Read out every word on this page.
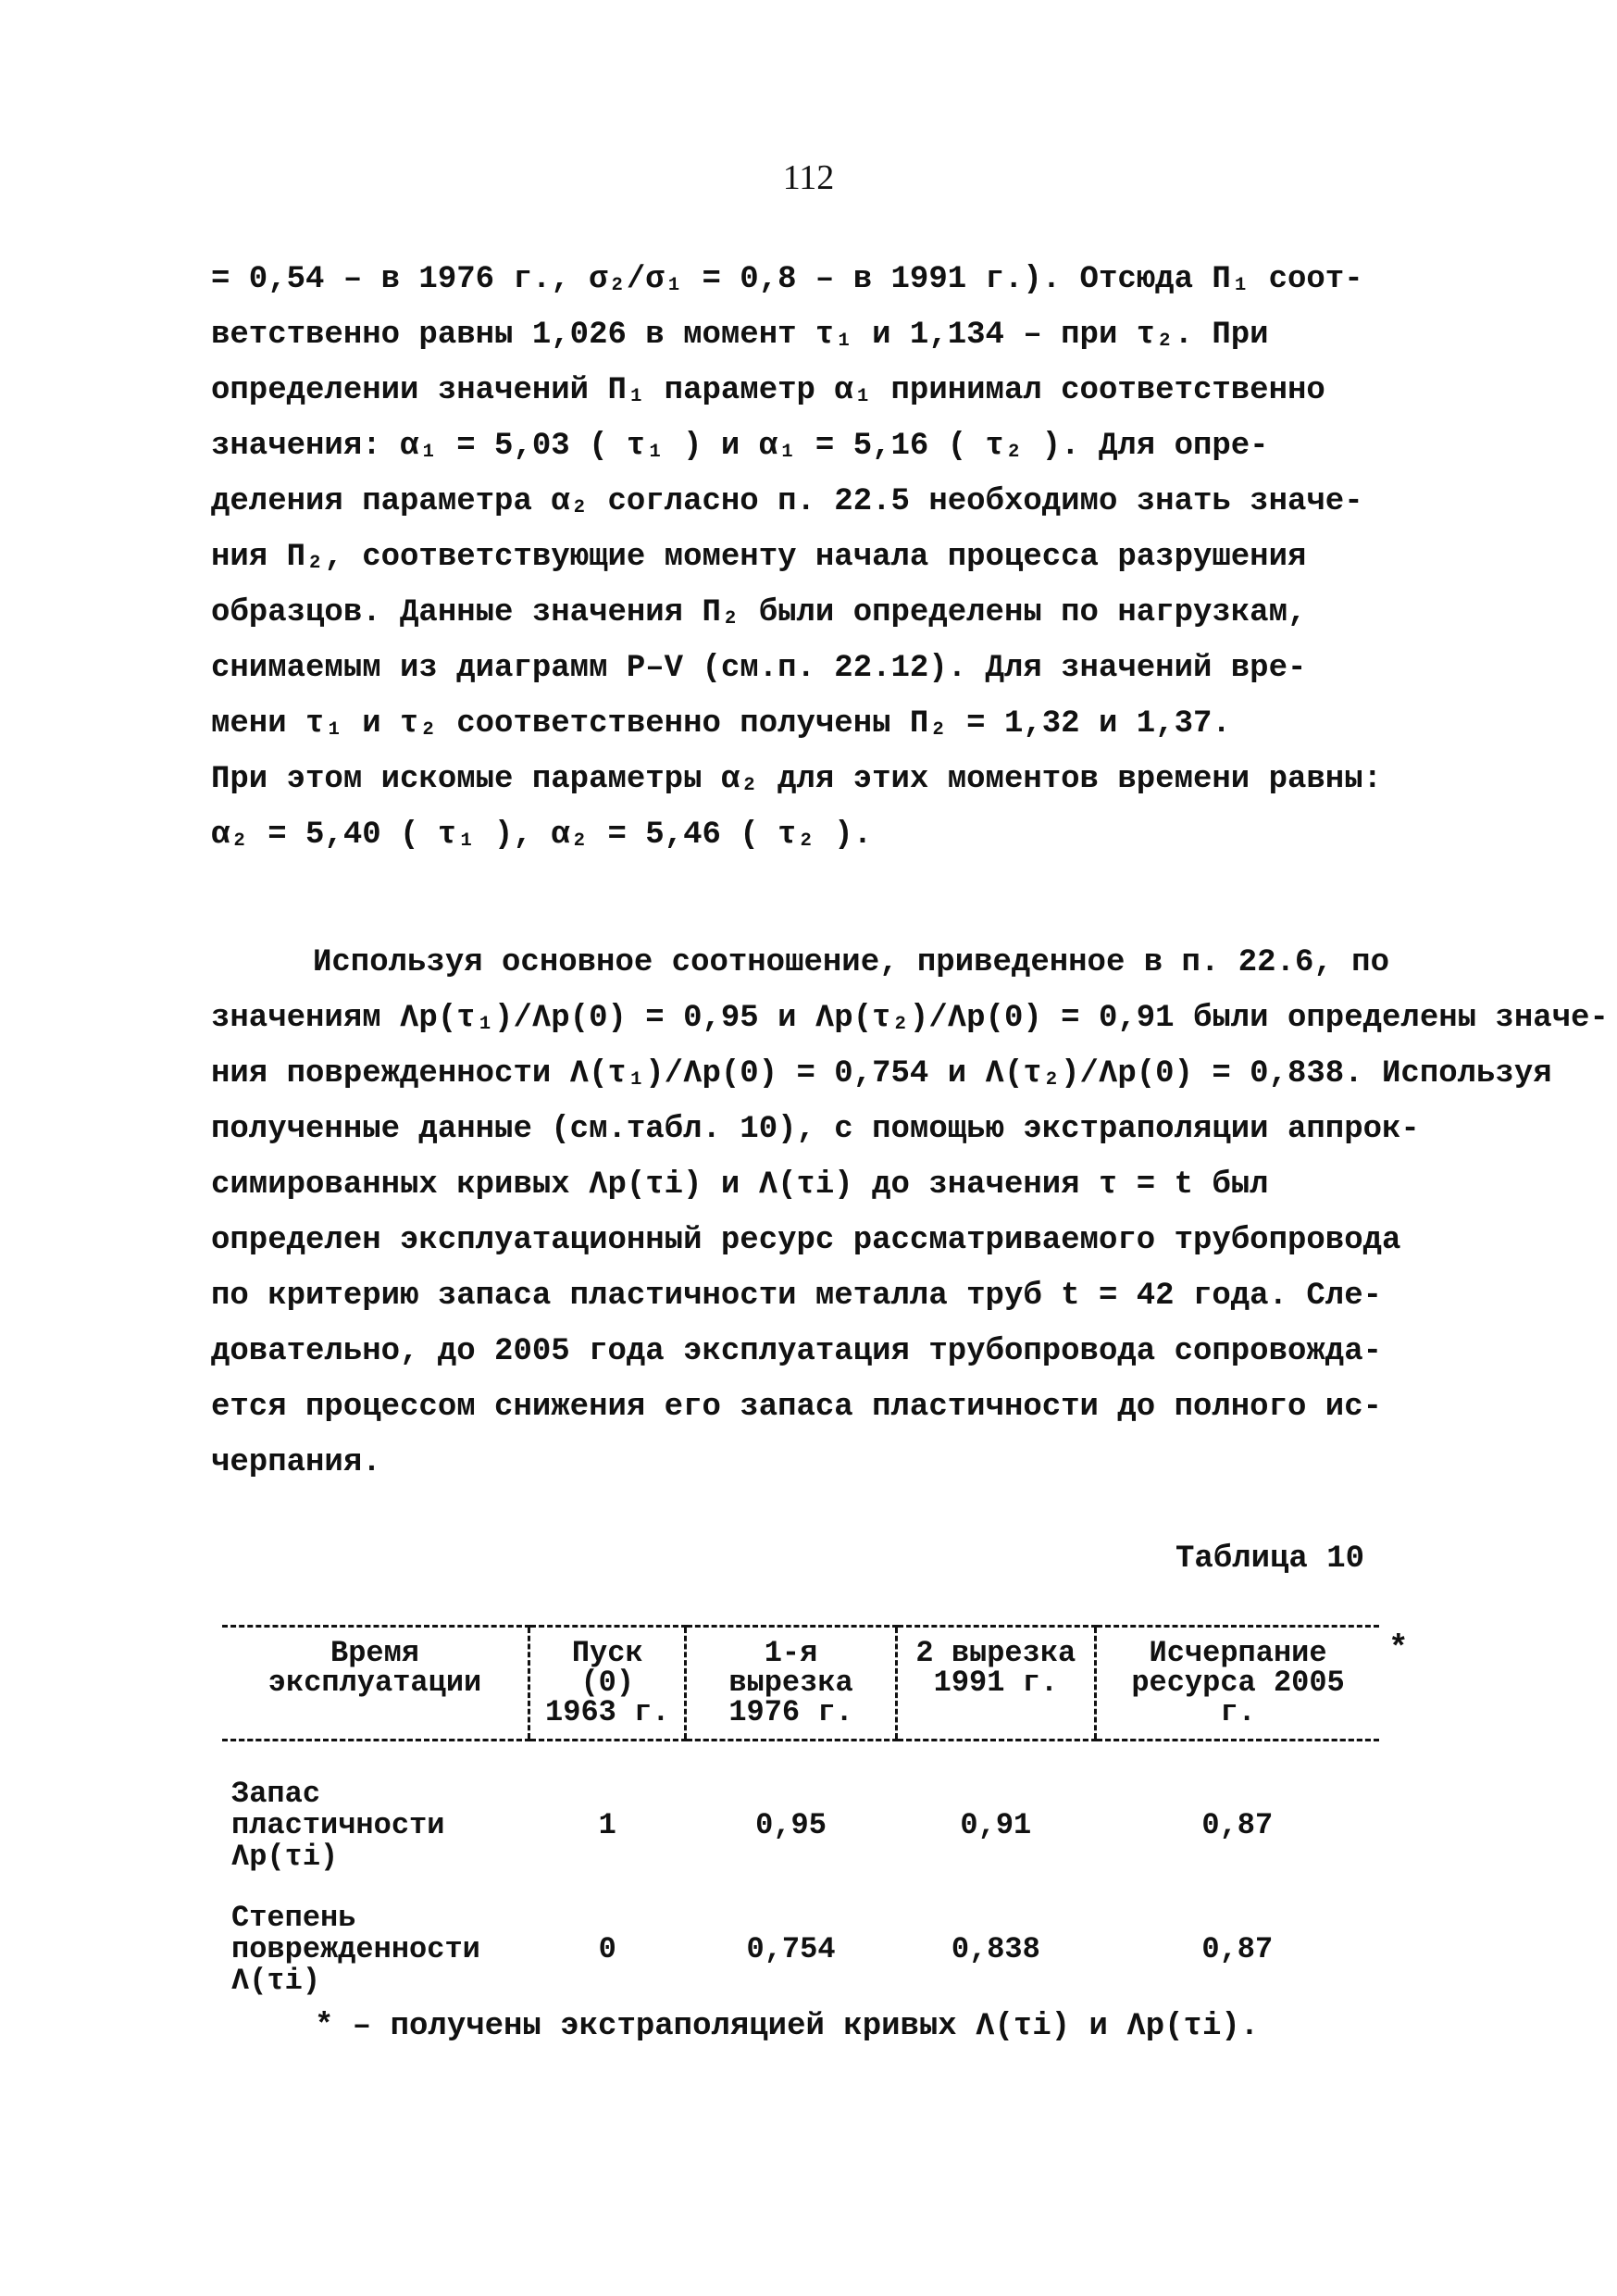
112

= 0,54 – в 1976 г., σ₂/σ₁ = 0,8 – в 1991 г.). Отсюда П₁ соот-

ветственно равны 1,026 в момент τ₁ и 1,134 – при τ₂. При

определении значений П₁ параметр α₁ принимал соответственно

значения: α₁ = 5,03 ( τ₁ ) и α₁ = 5,16 ( τ₂ ). Для опре-

деления параметра α₂ согласно п. 22.5 необходимо знать значе-

ния П₂, соответствующие моменту начала процесса разрушения

образцов. Данные значения П₂ были определены по нагрузкам,

снимаемым из диаграмм P–V (см.п. 22.12). Для значений вре-

мени τ₁ и τ₂ соответственно получены П₂ = 1,32 и 1,37.

При этом искомые параметры α₂ для этих моментов времени равны:

α₂ = 5,40 ( τ₁ ), α₂ = 5,46 ( τ₂ ).

Используя основное соотношение, приведенное в п. 22.6, по

значениям Λp(τ₁)/Λp(0) = 0,95 и Λp(τ₂)/Λp(0) = 0,91 были определены значе-

ния поврежденности Λ(τ₁)/Λp(0) = 0,754 и Λ(τ₂)/Λp(0) = 0,838. Используя

полученные данные (см.табл. 10), с помощью экстраполяции аппрок-

симированных кривых Λp(τi) и Λ(τi) до значения τ = t был

определен эксплуатационный ресурс рассматриваемого трубопровода

по критерию запаса пластичности металла труб t = 42 года. Сле-

довательно, до 2005 года эксплуатация трубопровода сопровожда-

ется процессом снижения его запаса пластичности до полного ис-

черпания.

Таблица 10
Время эксплуатации	Пуск (0) 1963 г.	1-я вырезка 1976 г.	2 вырезка 1991 г.	Исчерпание ресурса 2005 г.
Запас пластичности Λp(τi)	1	0,95	0,91	0,87
Степень поврежденности Λ(τi)	0	0,754	0,838	0,87
*
* – получены экстраполяцией кривых Λ(τi) и Λp(τi).
